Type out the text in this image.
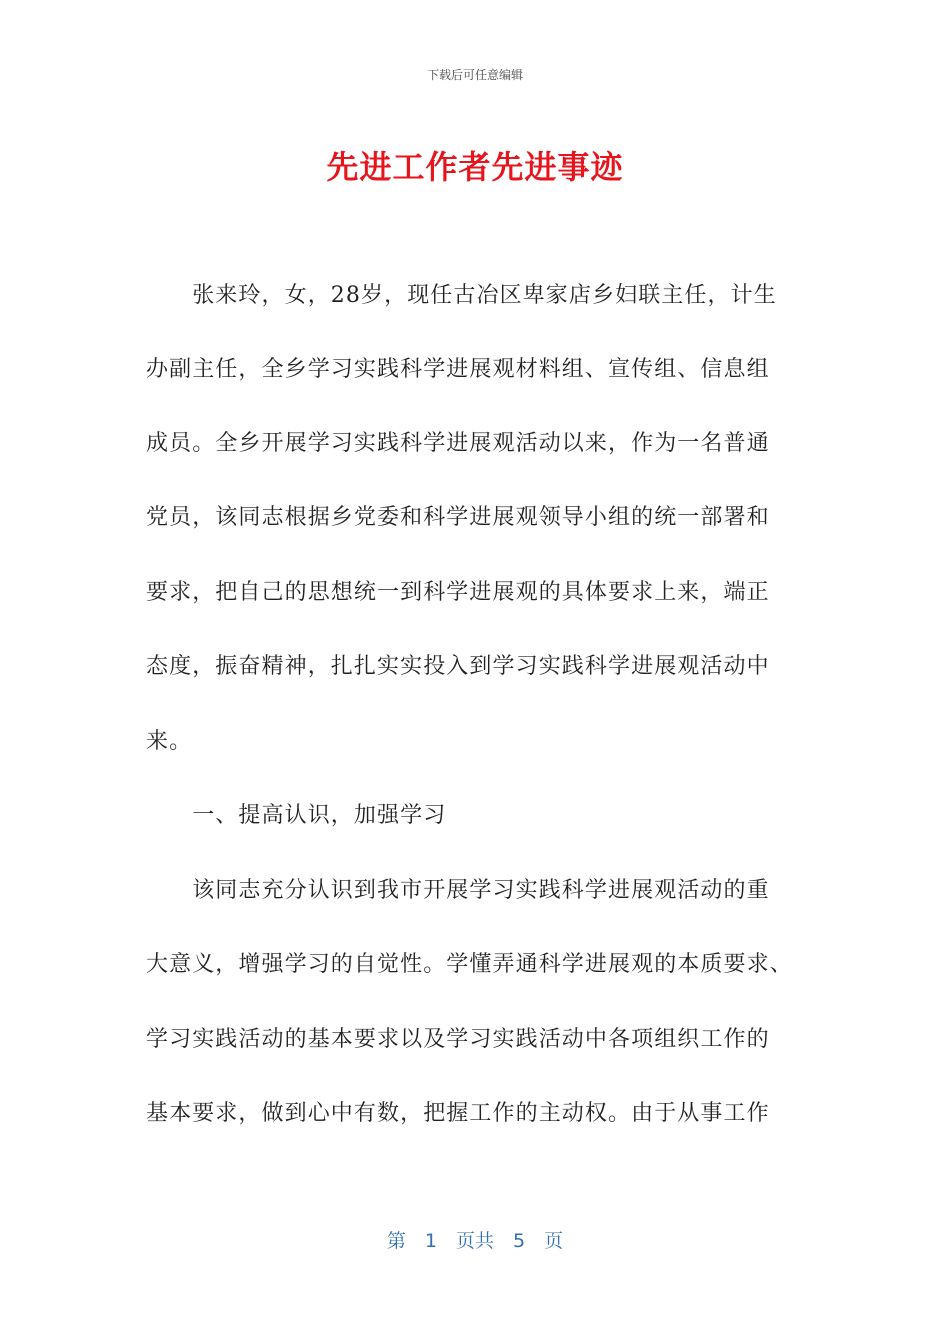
下载后可任意编辑
先进工作者先进事迹
　　张来玲，女，28岁，现任古冶区卑家店乡妇联主任，计生
办副主任，全乡学习实践科学进展观材料组、宣传组、信息组
成员。全乡开展学习实践科学进展观活动以来，作为一名普通
党员，该同志根据乡党委和科学进展观领导小组的统一部署和
要求，把自己的思想统一到科学进展观的具体要求上来，端正
态度，振奋精神，扎扎实实投入到学习实践科学进展观活动中
来。
　　一、提高认识，加强学习
　　该同志充分认识到我市开展学习实践科学进展观活动的重
大意义，增强学习的自觉性。学懂弄通科学进展观的本质要求、
学习实践活动的基本要求以及学习实践活动中各项组织工作的
基本要求，做到心中有数，把握工作的主动权。由于从事工作
第　1　页共　5　页
